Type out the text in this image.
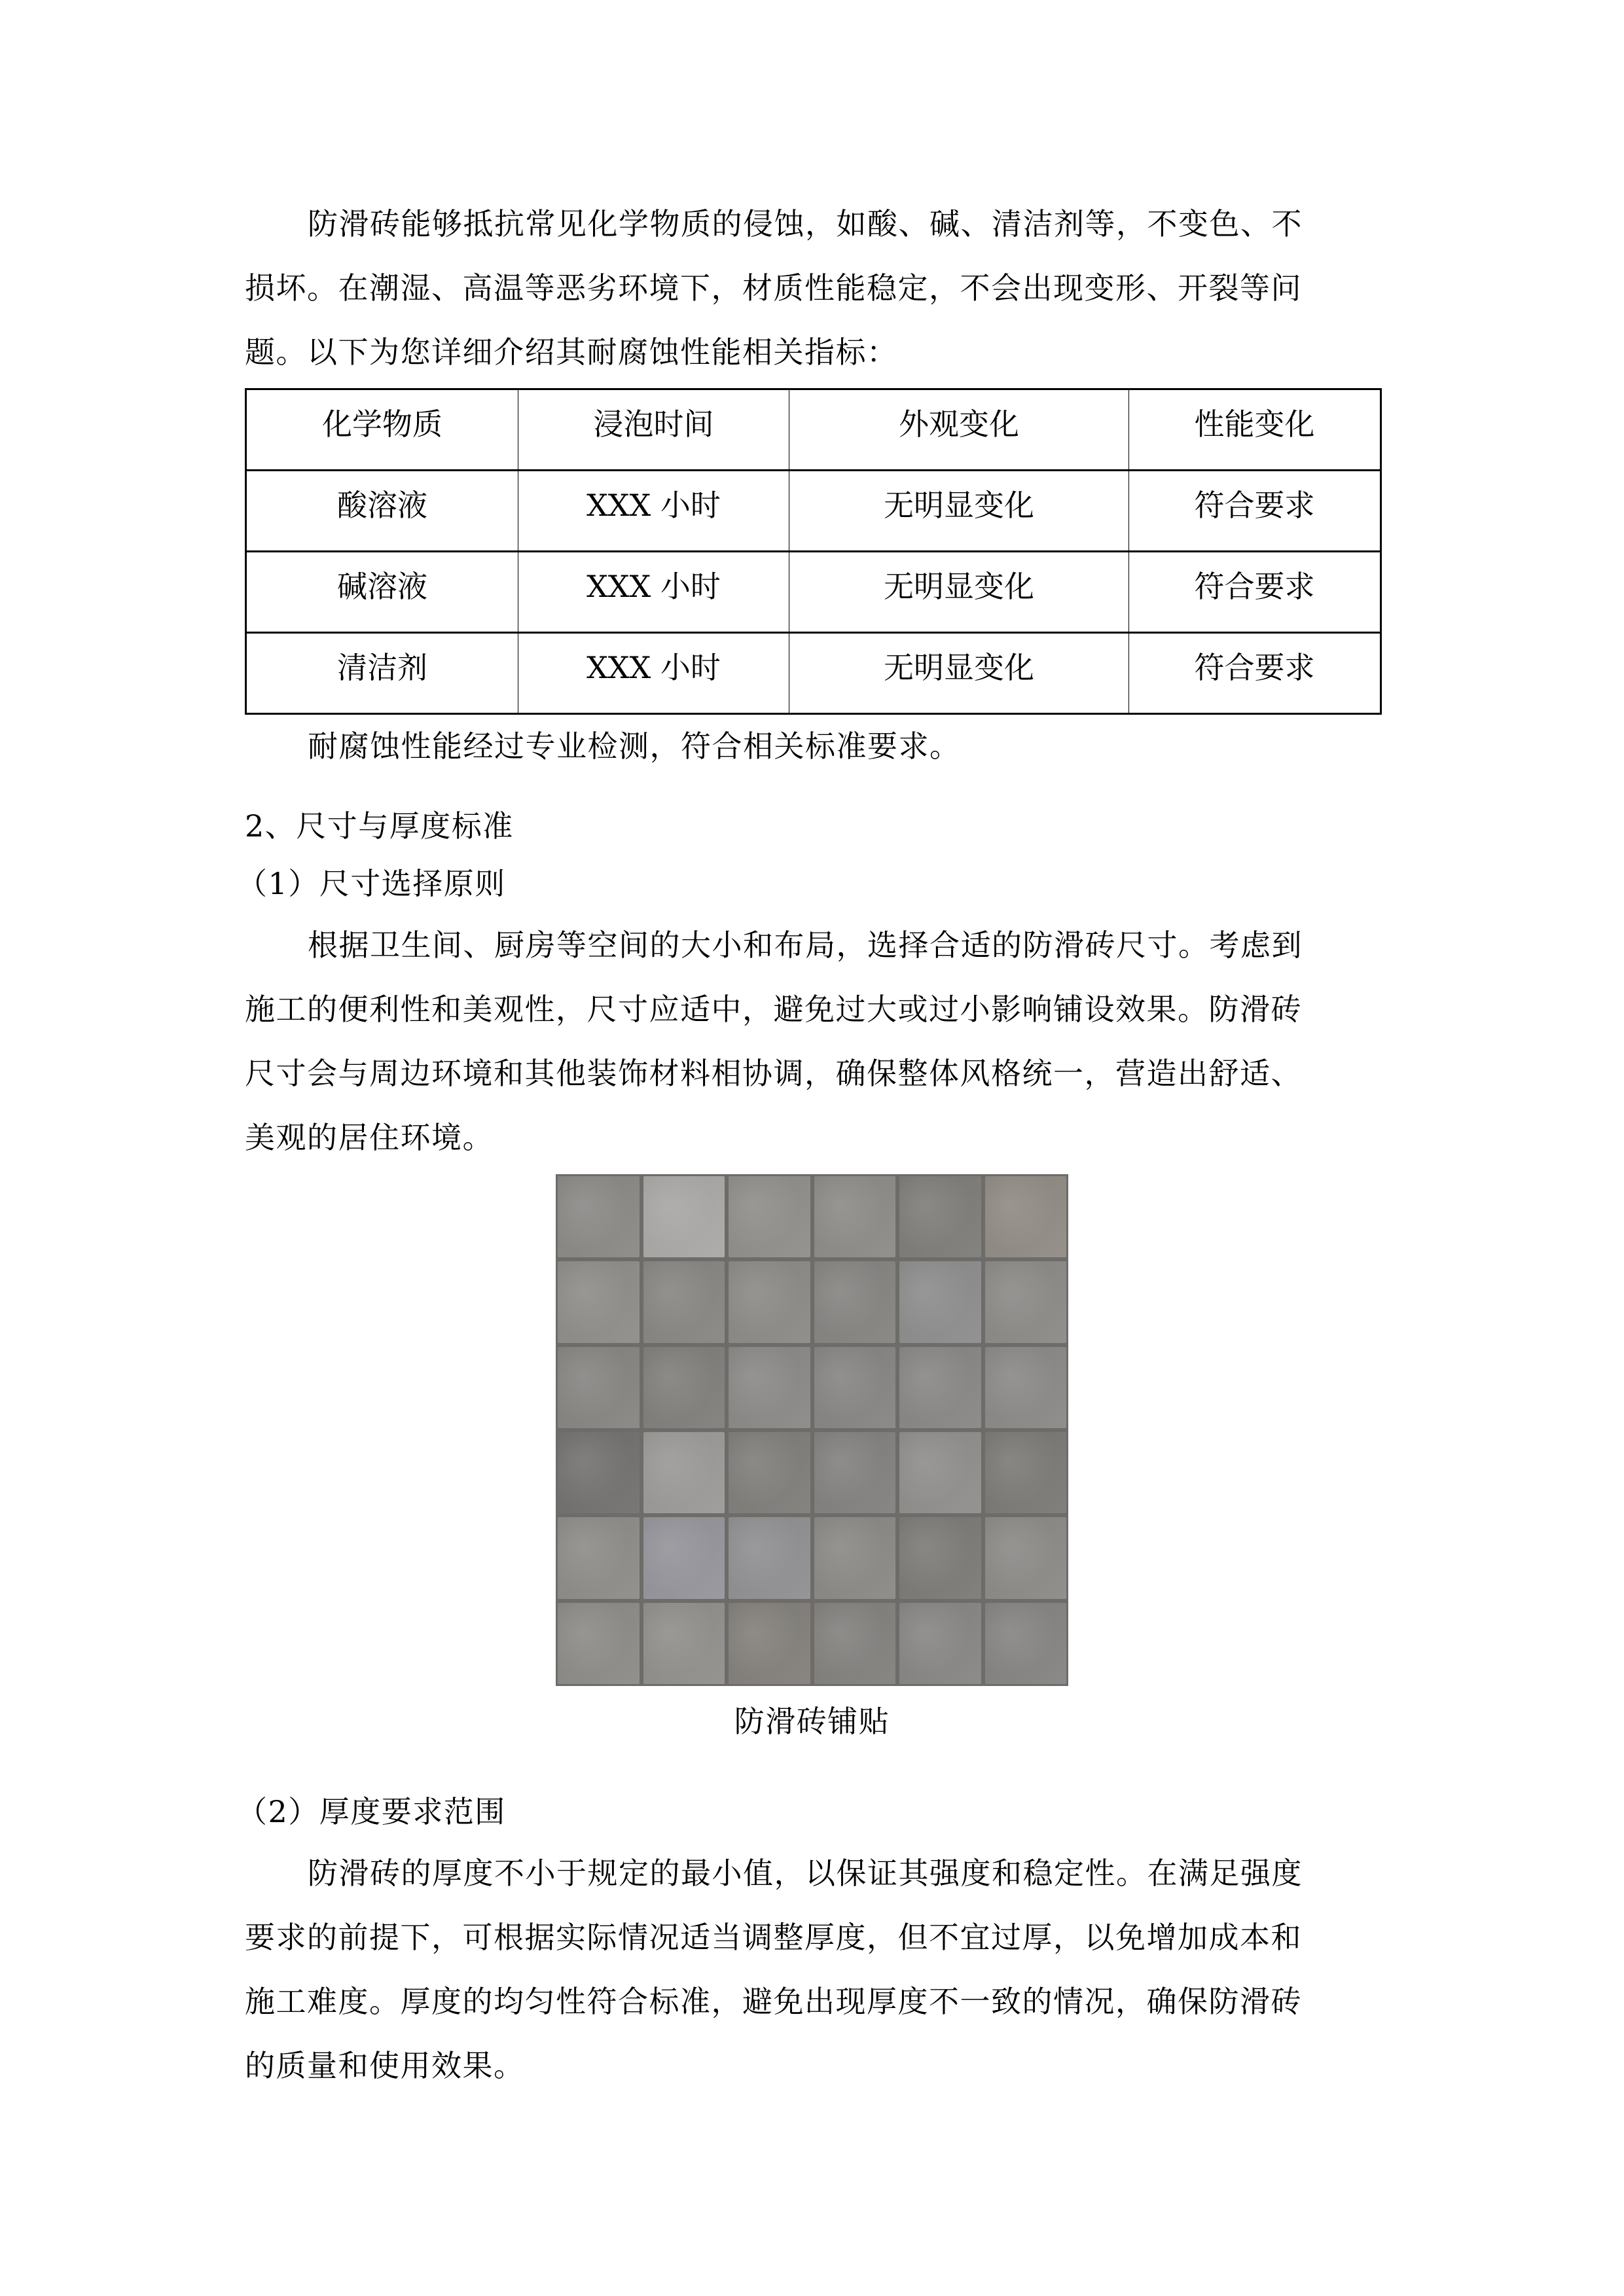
防滑砖能够抵抗常见化学物质的侵蚀，如酸、碱、清洁剂等，不变色、不
损坏。在潮湿、高温等恶劣环境下，材质性能稳定，不会出现变形、开裂等问
题。以下为您详细介绍其耐腐蚀性能相关指标：
化学物质	浸泡时间	外观变化	性能变化
酸溶液	XXX 小时	无明显变化	符合要求
碱溶液	XXX 小时	无明显变化	符合要求
清洁剂	XXX 小时	无明显变化	符合要求
耐腐蚀性能经过专业检测，符合相关标准要求。
2、尺寸与厚度标准
（1）尺寸选择原则
根据卫生间、厨房等空间的大小和布局，选择合适的防滑砖尺寸。考虑到
施工的便利性和美观性，尺寸应适中，避免过大或过小影响铺设效果。防滑砖
尺寸会与周边环境和其他装饰材料相协调，确保整体风格统一，营造出舒适、
美观的居住环境。
防滑砖铺贴
（2）厚度要求范围
防滑砖的厚度不小于规定的最小值，以保证其强度和稳定性。在满足强度
要求的前提下，可根据实际情况适当调整厚度，但不宜过厚，以免增加成本和
施工难度。厚度的均匀性符合标准，避免出现厚度不一致的情况，确保防滑砖
的质量和使用效果。
